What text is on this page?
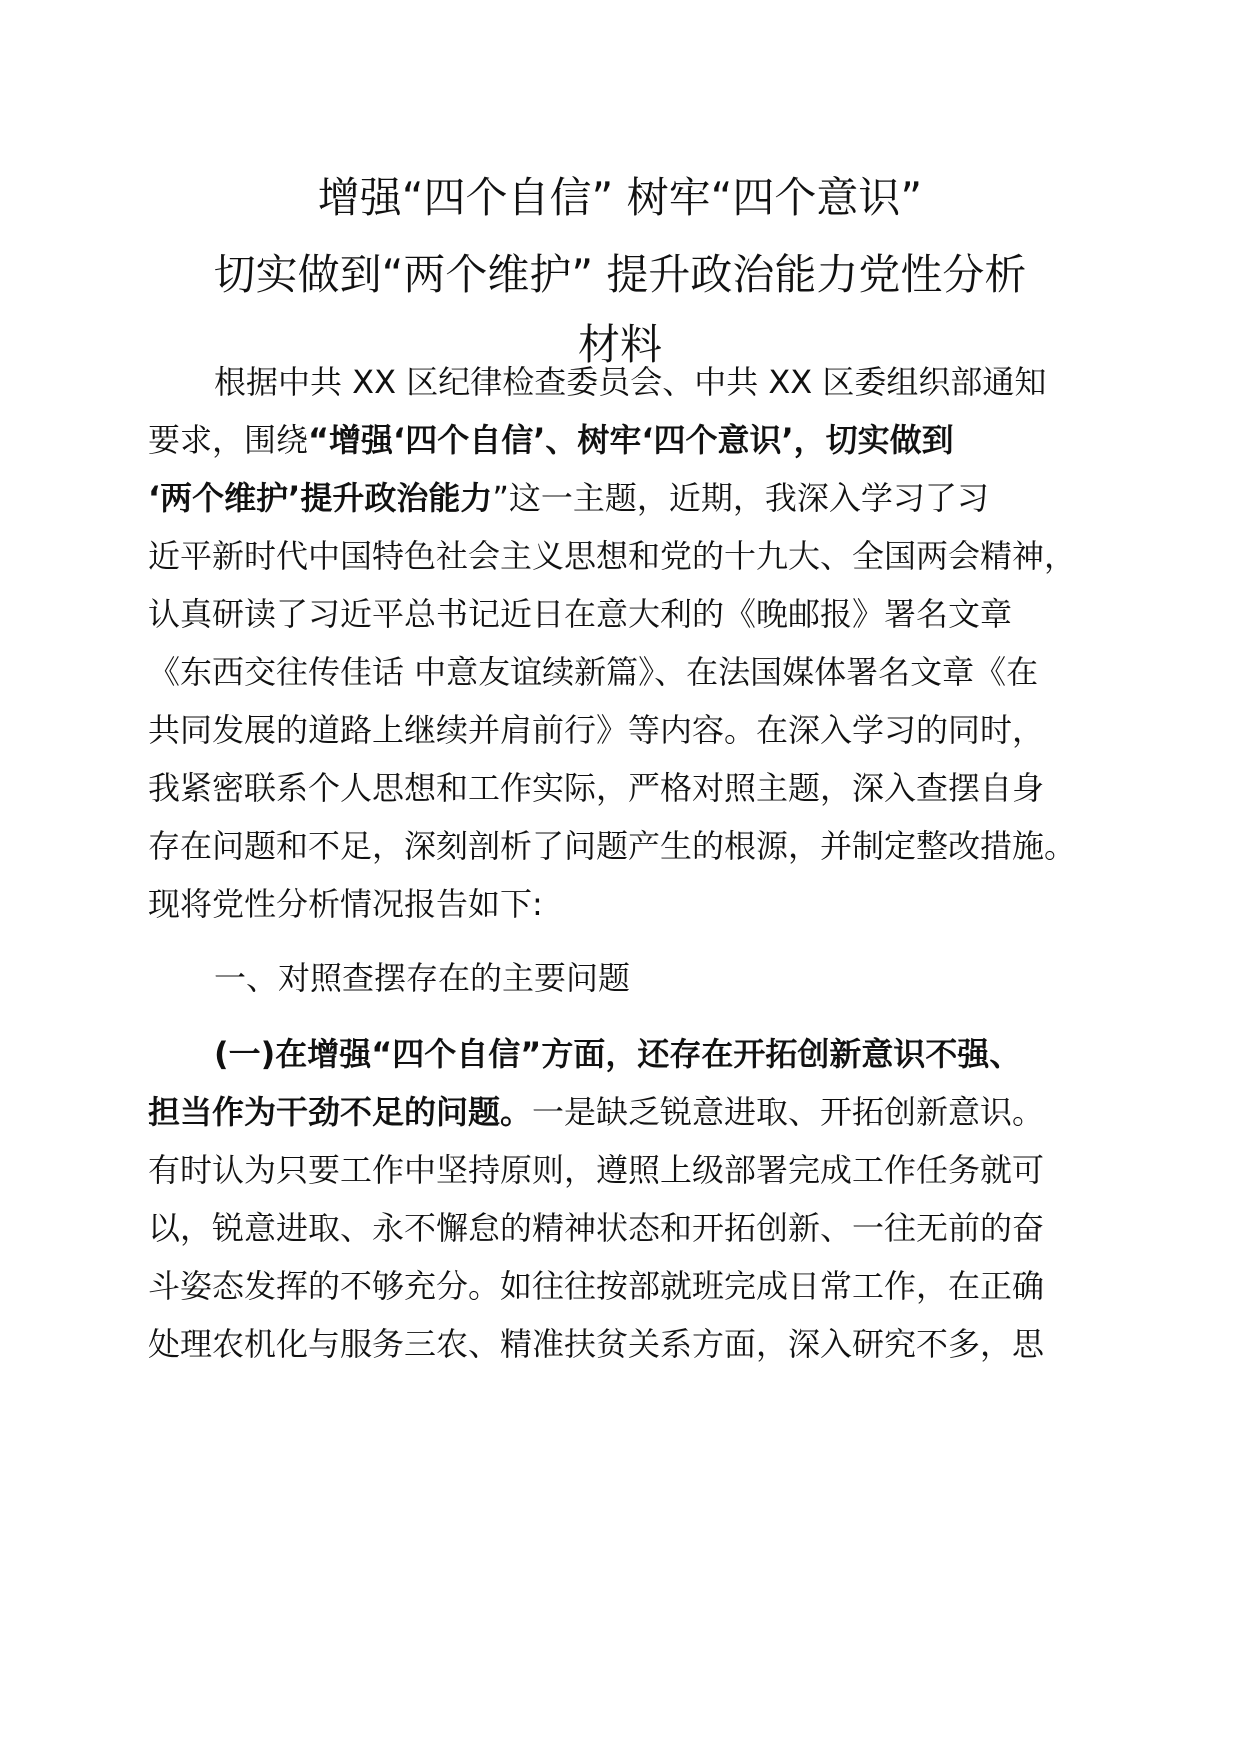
增强“四个自信” 树牢“四个意识”
切实做到“两个维护” 提升政治能力党性分析
材料
根据中共 XX 区纪律检查委员会、中共 XX 区委组织部通知
要求，围绕“增强‘四个自信’、树牢‘四个意识’，切实做到
‘两个维护’提升政治能力”这一主题，近期，我深入学习了习
近平新时代中国特色社会主义思想和党的十九大、全国两会精神，
认真研读了习近平总书记近日在意大利的《晚邮报》署名文章
《东西交往传佳话 中意友谊续新篇》、在法国媒体署名文章《在
共同发展的道路上继续并肩前行》等内容。在深入学习的同时，
我紧密联系个人思想和工作实际，严格对照主题，深入查摆自身
存在问题和不足，深刻剖析了问题产生的根源，并制定整改措施。
现将党性分析情况报告如下:
一、对照查摆存在的主要问题
(一)在增强“四个自信”方面，还存在开拓创新意识不强、
担当作为干劲不足的问题。一是缺乏锐意进取、开拓创新意识。
有时认为只要工作中坚持原则，遵照上级部署完成工作任务就可
以，锐意进取、永不懈怠的精神状态和开拓创新、一往无前的奋
斗姿态发挥的不够充分。如往往按部就班完成日常工作，在正确
处理农机化与服务三农、精准扶贫关系方面，深入研究不多，思
